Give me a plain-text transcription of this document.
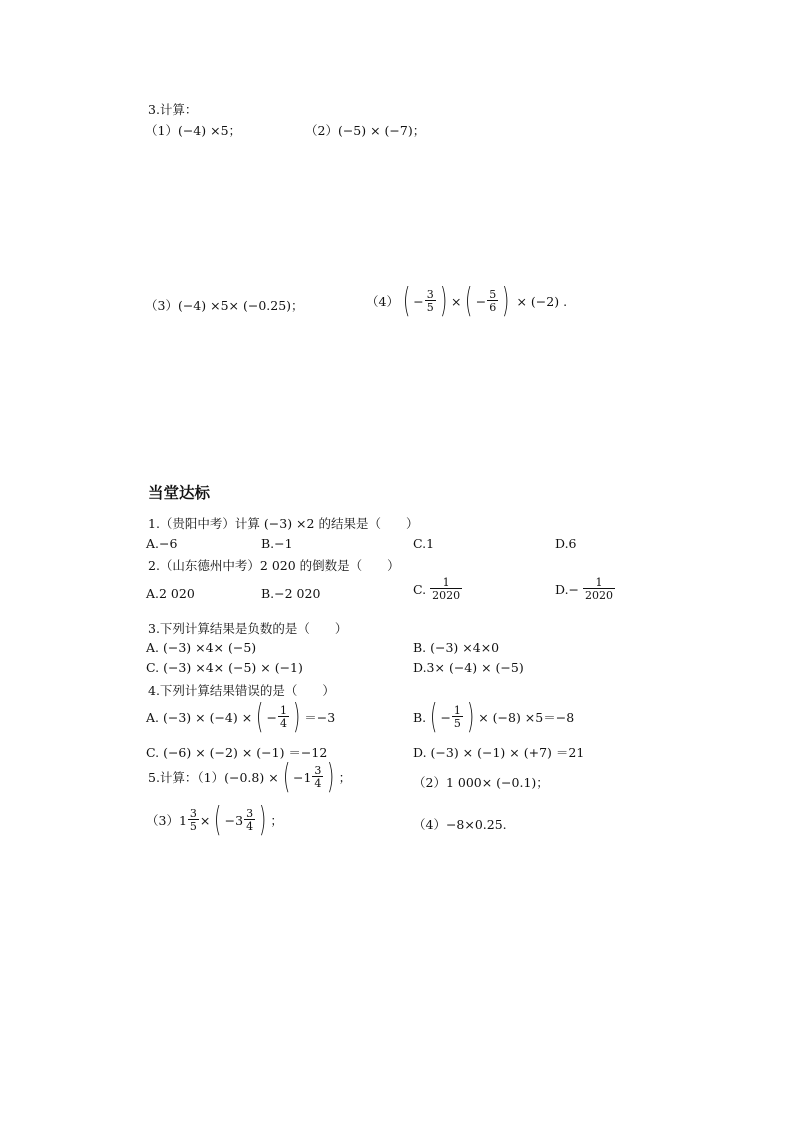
3.计算：
（1）(−4) ×5；	（2）(−5) × (−7)；
（3）(−4) ×5× (−0.25)；	（4） ( − $\frac{3}{5}$ ) × ( − $\frac{5}{6}$ ) × (−2) .
当堂达标
1.（贵阳中考）计算 (−3) ×2 的结果是（　　）
A.−6	B.−1	C.1	D.6
2.（山东德州中考）2 020 的倒数是（　　）
A.2 020	B.−2 020	C. $\frac{1}{2020}$	$D.- \frac{1}{2020}$
3.下列计算结果是负数的是（　　）
A. (−3) ×4× (−5)	B. (−3) ×4×0
C. (−3) ×4× (−5) × (−1)	D.3× (−4) × (−5)
4.下列计算结果错误的是（　　）
A. (−3) × (−4) × ( − $\frac{1}{4}$ ) ＝−3	B. ( − $\frac{1}{5}$ ) × (−8) ×5＝−8
C. (−6) × (−2) × (−1) ＝−12	D. (−3) × (−1) × (+7) ＝21
5.计算：（1）(−0.8) × ( − $1 \frac{3}{4}$ ) ；	（2）1 000× (−0.1)；
（3） $1 \frac{3}{5}$ × ( − $3 \frac{3}{4}$ ) ；	（4）−8×0.25.
